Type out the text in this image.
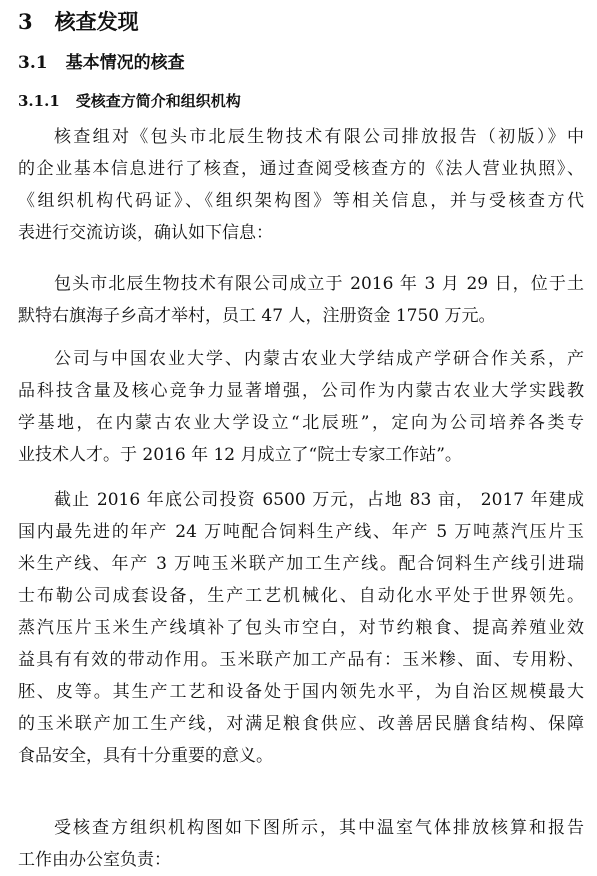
3 核查发现
3.1 基本情况的核查
3.1.1 受核查方简介和组织机构
核查组对《包头市北辰生物技术有限公司排放报告（初版）》中
的企业基本信息进行了核查，通过查阅受核查方的《法人营业执照》、
《组织机构代码证》、《组织架构图》等相关信息，并与受核查方代
表进行交流访谈，确认如下信息：
包头市北辰生物技术有限公司成立于 2016 年 3 月 29 日，位于土
默特右旗海子乡高才举村，员工 47 人，注册资金 1750 万元。
公司与中国农业大学、内蒙古农业大学结成产学研合作关系，产
品科技含量及核心竞争力显著增强，公司作为内蒙古农业大学实践教
学基地，在内蒙古农业大学设立“北辰班”，定向为公司培养各类专
业技术人才。于 2016 年 12 月成立了“院士专家工作站”。
截止 2016 年底公司投资 6500 万元，占地 83 亩， 2017 年建成
国内最先进的年产 24 万吨配合饲料生产线、年产 5 万吨蒸汽压片玉
米生产线、年产 3 万吨玉米联产加工生产线。配合饲料生产线引进瑞
士布勒公司成套设备，生产工艺机械化、自动化水平处于世界领先。
蒸汽压片玉米生产线填补了包头市空白，对节约粮食、提高养殖业效
益具有有效的带动作用。玉米联产加工产品有：玉米糁、面、专用粉、
胚、皮等。其生产工艺和设备处于国内领先水平，为自治区规模最大
的玉米联产加工生产线，对满足粮食供应、改善居民膳食结构、保障
食品安全，具有十分重要的意义。
受核查方组织机构图如下图所示，其中温室气体排放核算和报告
工作由办公室负责：
